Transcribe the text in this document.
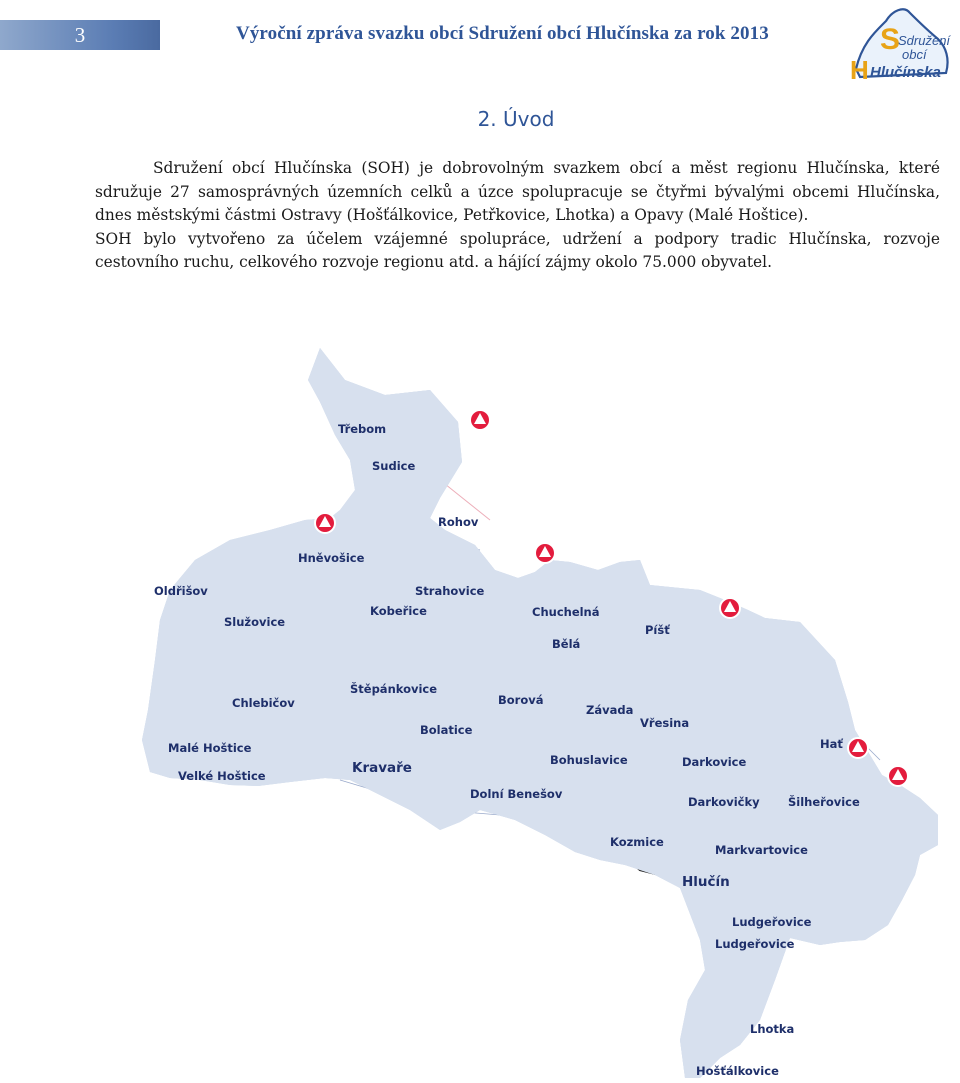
3	Výroční zpráva svazku obcí Sdružení obcí Hlučínska za rok 2013	S
Sdružení
obcí
H Hlučínska
2. Úvod

Sdružení obcí Hlučínska (SOH) je dobrovolným svazkem obcí a měst regionu Hlučínska, které sdružuje 27 samosprávných územních celků a úzce spolupracuje se čtyřmi bývalými obcemi Hlučínska, dnes městskými částmi Ostravy (Hošťálkovice, Petřkovice, Lhotka) a Opavy (Malé Hoštice).

SOH bylo vytvořeno za účelem vzájemné spolupráce, udržení a podpory tradic Hlučínska, rozvoje cestovního ruchu, celkového rozvoje regionu atd. a hájící zájmy okolo 75.000 obyvatel.

Třebom
Sudice
Rohov
Hněvošice
Oldřišov	Strahovice
Služovice
Kobeřice	Chuchelná
Píšť
Bělá
Chlebičov
Štěpánkovice
Borová
Závada
Vřesina
Hať
Bolatice
Malé Hoštice
Velké Hoštice	Kravaře	Bohuslavice	Darkovice
Dolní Benešov
Darkovičky Šilheřovice
Kozmice
Markvartovice
Hlučín
Ludgeřovice
Ludgeřovice
Lhotka
Hošťálkovice
